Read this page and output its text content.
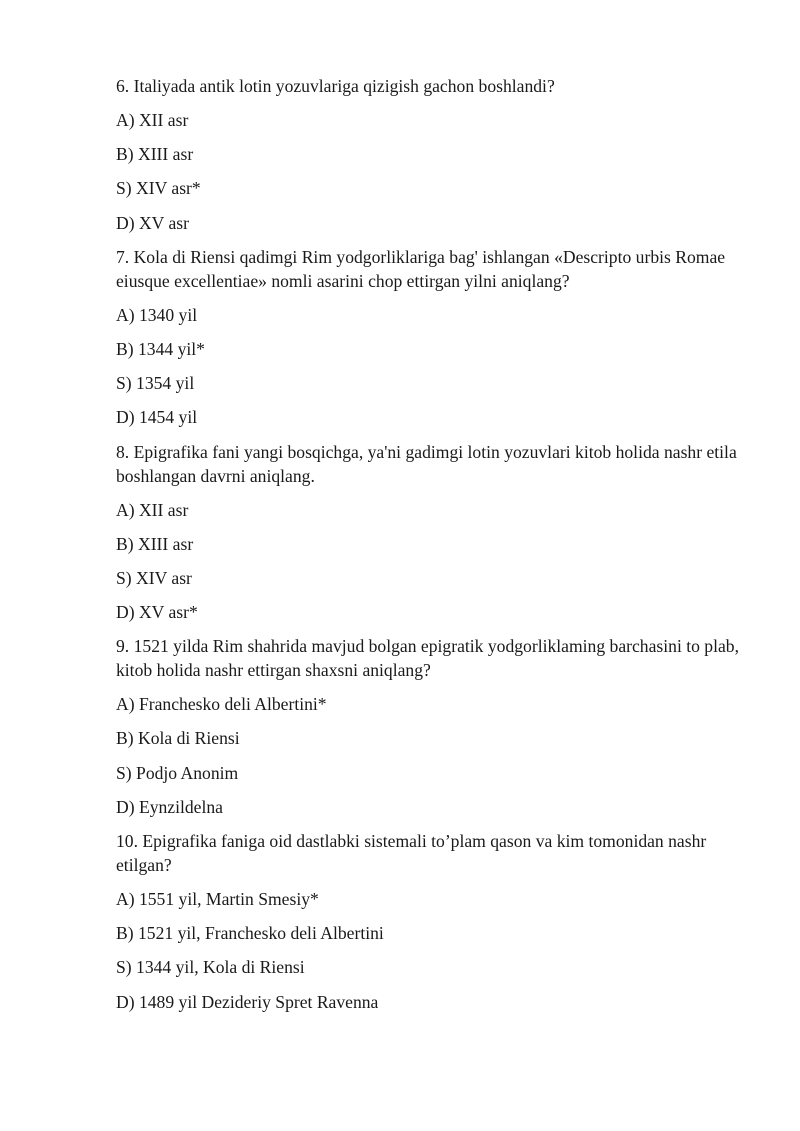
6. Italiyada antik lotin yozuvlariga qizigish gachon boshlandi?

A) XII asr

B) XIII asr

S) XIV asr*

D) XV asr

7. Kola di Riensi qadimgi Rim yodgorliklariga bag' ishlangan «Descripto urbis Romae eiusque excellentiae» nomli asarini chop ettirgan yilni aniqlang?

A) 1340 yil

B) 1344 yil*

S) 1354 yil

D) 1454 yil

8. Epigrafika fani yangi bosqichga, ya'ni gadimgi lotin yozuvlari kitob holida nashr etila boshlangan davrni aniqlang.

A) XII asr

B) XIII asr

S) XIV asr

D) XV asr*

9. 1521 yilda Rim shahrida mavjud bolgan epigratik yodgorliklaming barchasini to plab, kitob holida nashr ettirgan shaxsni aniqlang?

A) Franchesko deli Albertini*

B) Kola di Riensi

S) Podjo Anonim

D) Eynzildelna

10. Epigrafika faniga oid dastlabki sistemali to’plam qason va kim tomonidan nashr etilgan?

A) 1551 yil, Martin Smesiy*

B) 1521 yil, Franchesko deli Albertini

S) 1344 yil, Kola di Riensi

D) 1489 yil Dezideriy Spret Ravenna
